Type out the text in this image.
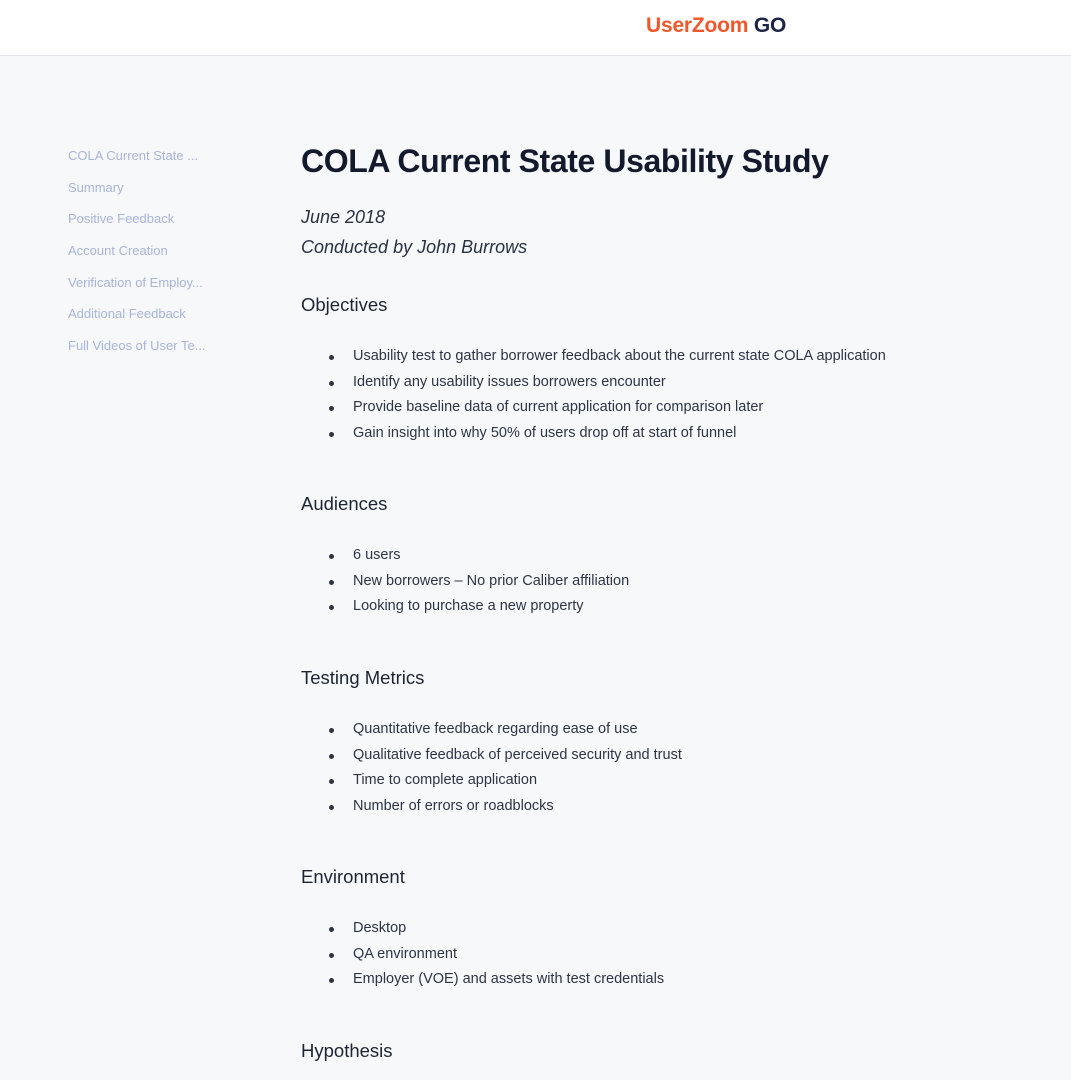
UserZoom GO
COLA Current State ...
Summary
Positive Feedback
Account Creation
Verification of Employ...
Additional Feedback
Full Videos of User Te...
COLA Current State Usability Study
June 2018
Conducted by John Burrows
Objectives
Usability test to gather borrower feedback about the current state COLA application
Identify any usability issues borrowers encounter
Provide baseline data of current application for comparison later
Gain insight into why 50% of users drop off at start of funnel
Audiences
6 users
New borrowers – No prior Caliber affiliation
Looking to purchase a new property
Testing Metrics
Quantitative feedback regarding ease of use
Qualitative feedback of perceived security and trust
Time to complete application
Number of errors or roadblocks
Environment
Desktop
QA environment
Employer (VOE) and assets with test credentials
Hypothesis
